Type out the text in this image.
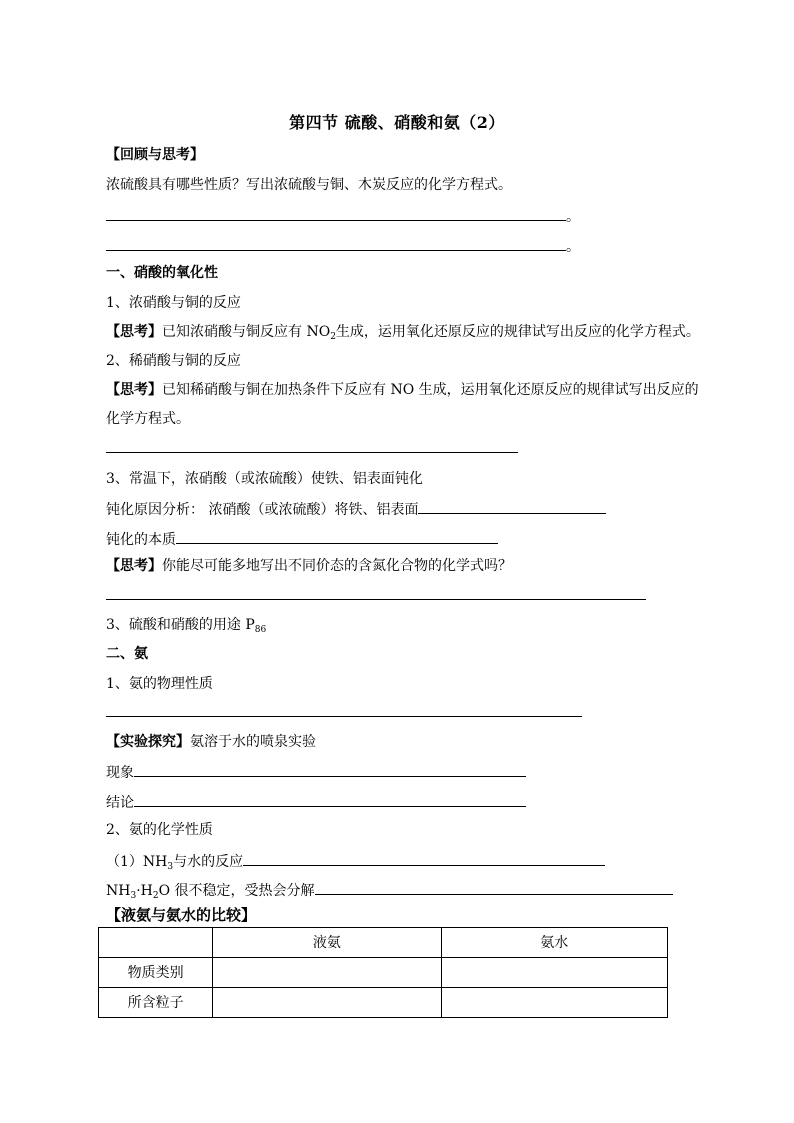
第四节 硫酸、硝酸和氨（2）
【回顾与思考】
浓硫酸具有哪些性质？写出浓硫酸与铜、木炭反应的化学方程式。
。
。
一、硝酸的氧化性
1、浓硝酸与铜的反应
【思考】已知浓硝酸与铜反应有 $NO_2$生成，运用氧化还原反应的规律试写出反应的化学方程式。
2、稀硝酸与铜的反应
【思考】已知稀硝酸与铜在加热条件下反应有 NO 生成，运用氧化还原反应的规律试写出反应的
化学方程式。
3、常温下，浓硝酸（或浓硫酸）使铁、铝表面钝化
钝化原因分析： 浓硝酸（或浓硫酸）将铁、铝表面
钝化的本质
【思考】你能尽可能多地写出不同价态的含氮化合物的化学式吗？
3、硫酸和硝酸的用途 $P_{86}$
二、氨
1、氨的物理性质
【实验探究】氨溶于水的喷泉实验
现象
结论
2、氨的化学性质
$(1)NH_3$与水的反应
$NH_3\cdot H_2O$ 很不稳定，受热会分解
【液氨与氨水的比较】
	液氨	氨水
物质类别		
所含粒子		
